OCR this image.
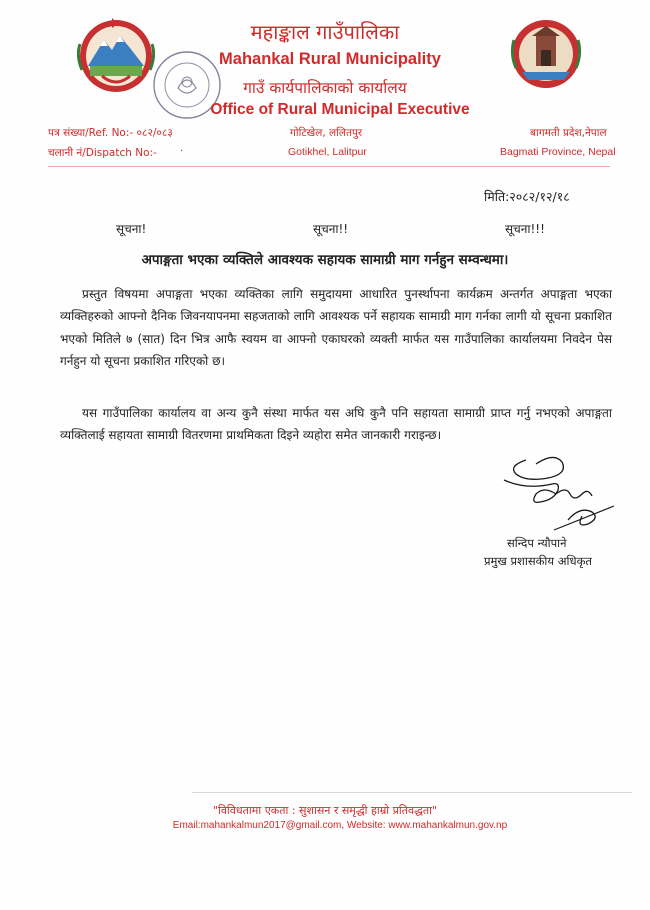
महाङ्काल गाउँपालिका
Mahankal Rural Municipality
गाउँ कार्यपालिकाको कार्यालय
Office of Rural Municipal Executive
पत्र संख्या/Ref. No:- ०८२/०८३
चलानी नं/Dispatch No:- .
गोटिखेल, ललितपुर
Gotikhel, Lalitpur
बागमती प्रदेश,नेपाल
Bagmati Province, Nepal
मिति:२०८२/१२/१८
सूचना!	सूचना!!	सूचना!!!
अपाङ्गता भएका व्यक्तिले आवश्यक सहायक सामाग्री माग गर्नहुन सम्वन्धमा।
प्रस्तुत विषयमा अपाङ्गता भएका व्यक्तिका लागि समुदायमा आधारित पुनर्स्थापना कार्यक्रम अन्तर्गत अपाङ्गता भएका व्यक्तिहरुको आफ्नो दैनिक जिवनयापनमा सहजताको लागि आवश्यक पर्ने सहायक सामाग्री माग गर्नका लागी यो सूचना प्रकाशित भएको मितिले ७ (सात) दिन भित्र आफै स्वयम वा आफ्नो एकाघरको व्यक्ती मार्फत यस गाउँपालिका कार्यालयमा निवदेन पेस गर्नहुन यो सूचना प्रकाशित गरिएको छ।
यस गाउँपालिका कार्यालय वा अन्य कुनै संस्था मार्फत यस अघि कुनै पनि सहायता सामाग्री प्राप्त गर्नु नभएको अपाङ्गता व्यक्तिलाई सहायता सामाग्री वितरणमा प्राथमिकता दिइने व्यहोरा समेत जानकारी गराइन्छ।
सन्दिप न्यौपाने
प्रमुख प्रशासकीय अधिकृत
"विविधतामा एकता : सुशासन र समृद्धी हाम्रो प्रतिवद्धता"
Email:mahankalmun2017@gmail.com, Website: www.mahankalmun.gov.np
